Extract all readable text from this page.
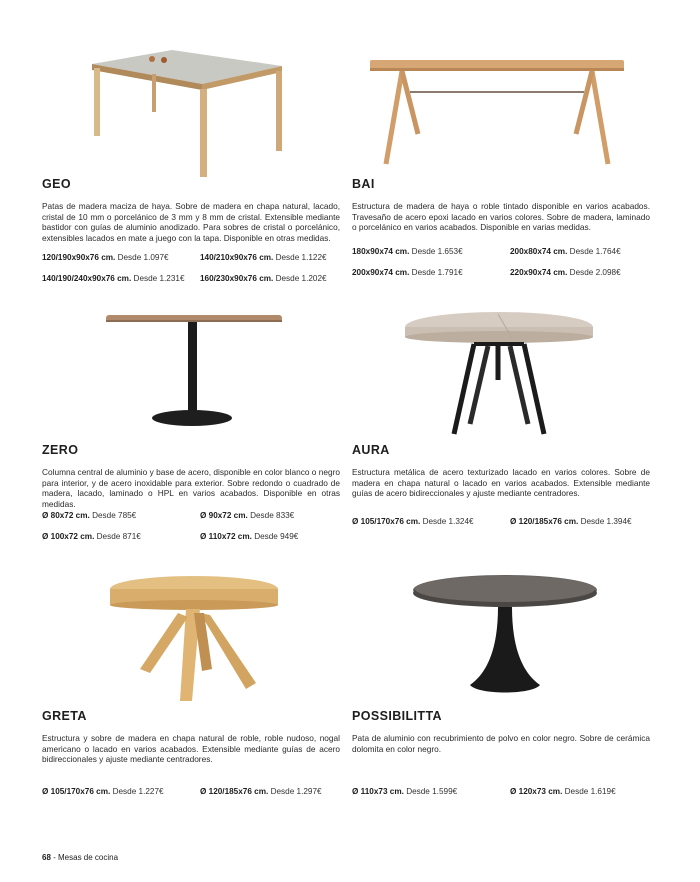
GEO

Patas de madera maciza de haya. Sobre de madera en chapa natural, lacado, cristal de 10 mm o porcelánico de 3 mm y 8 mm de cristal. Extensible mediante bastidor con guías de aluminio anodizado. Para sobres de cristal o porcelánico, extensibles lacados en mate a juego con la tapa. Disponible en otras medidas.

120/190x90x76 cm. Desde 1.097€	140/210x90x76 cm. Desde 1.122€
140/190/240x90x76 cm. Desde 1.231€	160/230x90x76 cm. Desde 1.202€
BAI

Estructura de madera de haya o roble tintado disponible en varios acabados. Travesaño de acero epoxi lacado en varios colores. Sobre de madera, laminado o porcelánico en varios acabados. Disponible en varias medidas.

180x90x74 cm. Desde 1.653€	200x80x74 cm. Desde 1.764€
200x90x74 cm. Desde 1.791€	220x90x74 cm. Desde 2.098€
ZERO

Columna central de aluminio y base de acero, disponible en color blanco o negro para interior, y de acero inoxidable para exterior. Sobre redondo o cuadrado de madera, lacado, laminado o HPL en varios acabados. Disponible en otras medidas.

Ø 80x72 cm. Desde 785€	Ø 90x72 cm. Desde 833€
Ø 100x72 cm. Desde 871€	Ø 110x72 cm. Desde 949€
AURA

Estructura metálica de acero texturizado lacado en varios colores. Sobre de madera en chapa natural o lacado en varios acabados. Extensible mediante guías de acero bidireccionales y ajuste mediante centradores.

Ø 105/170x76 cm. Desde 1.324€	Ø 120/185x76 cm. Desde 1.394€
GRETA

Estructura y sobre de madera en chapa natural de roble, roble nudoso, nogal americano o lacado en varios acabados. Extensible mediante guías de acero bidireccionales y ajuste mediante centradores.

Ø 105/170x76 cm. Desde 1.227€	Ø 120/185x76 cm. Desde 1.297€
POSSIBILITTA

Pata de aluminio con recubrimiento de polvo en color negro. Sobre de cerámica dolomita en color negro.

Ø 110x73 cm. Desde 1.599€	Ø 120x73 cm. Desde 1.619€
68 - Mesas de cocina
